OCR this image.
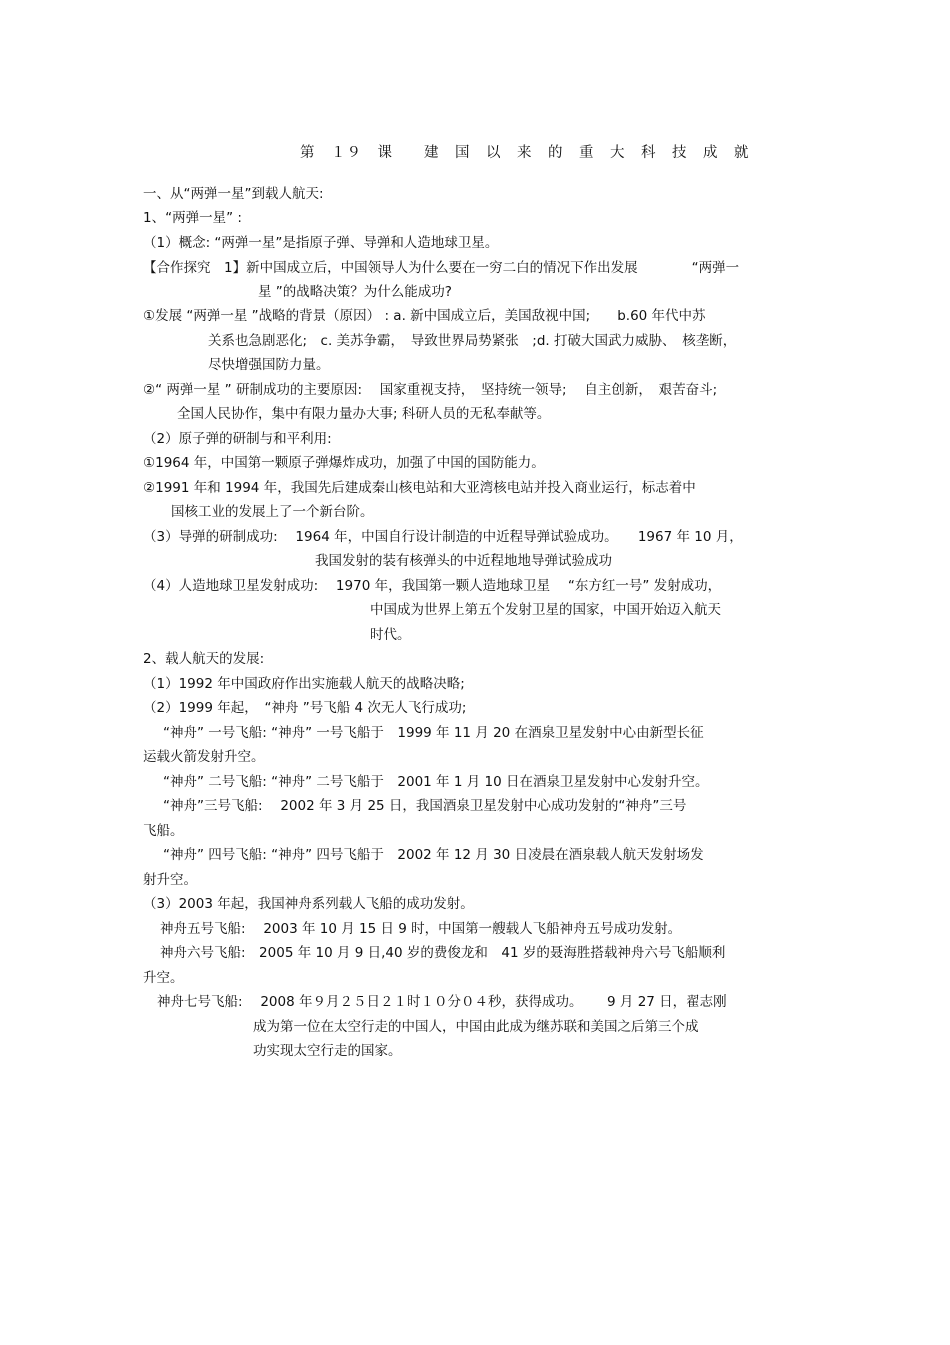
第　１９　课　　建　国　以　来　的　重　大　科　技　成　就
一、从“两弹一星”到载人航天:
1、“两弹一星” :
（1）概念: “两弹一星”是指原子弹、导弹和人造地球卫星。
【合作探究　1】新中国成立后，中国领导人为什么要在一穷二白的情况下作出发展　　　　“两弹一
星 ”的战略决策？为什么能成功?
①发展 “两弹一星 ”战略的背景（原因） : a. 新中国成立后，美国敌视中国;　　b.60 年代中苏
关系也急剧恶化;　c. 美苏争霸，　导致世界局势紧张　;d. 打破大国武力威胁、　核垄断，
尽快增强国防力量。
②“ 两弹一星 ” 研制成功的主要原因:　 国家重视支持，　坚持统一领导;　 自主创新，　艰苦奋斗;
全国人民协作，集中有限力量办大事; 科研人员的无私奉献等。
（2）原子弹的研制与和平利用:
①1964 年，中国第一颗原子弹爆炸成功，加强了中国的国防能力。
②1991 年和 1994 年，我国先后建成秦山核电站和大亚湾核电站并投入商业运行，标志着中
国核工业的发展上了一个新台阶。
（3）导弹的研制成功:　 1964 年，中国自行设计制造的中近程导弹试验成功。　　1967 年 10 月，
我国发射的装有核弹头的中近程地地导弹试验成功
（4）人造地球卫星发射成功:　 1970 年，我国第一颗人造地球卫星　 “东方红一号” 发射成功，
中国成为世界上第五个发射卫星的国家，中国开始迈入航天
时代。
2、载人航天的发展:
（1）1992 年中国政府作出实施载人航天的战略决略;
（2）1999 年起，　“神舟 ”号飞船 4 次无人飞行成功;
“神舟” 一号飞船: “神舟” 一号飞船于　1999 年 11 月 20 在酒泉卫星发射中心由新型长征
运载火箭发射升空。
“神舟” 二号飞船: “神舟” 二号飞船于　2001 年 1 月 10 日在酒泉卫星发射中心发射升空。
“神舟”三号飞船:　 2002 年 3 月 25 日，我国酒泉卫星发射中心成功发射的“神舟”三号
飞船。
“神舟” 四号飞船: “神舟” 四号飞船于　2002 年 12 月 30 日凌晨在酒泉载人航天发射场发
射升空。
（3）2003 年起，我国神舟系列载人飞船的成功发射。
神舟五号飞船:　 2003 年 10 月 15 日 9 时，中国第一艘载人飞船神舟五号成功发射。
神舟六号飞船:　2005 年 10 月 9 日,40 岁的费俊龙和　41 岁的聂海胜搭载神舟六号飞船顺利
升空。
神舟七号飞船:　 2008 年９月２５日２１时１０分０４秒，获得成功。　　 9 月 27 日，翟志刚
成为第一位在太空行走的中国人，中国由此成为继苏联和美国之后第三个成
功实现太空行走的国家。
